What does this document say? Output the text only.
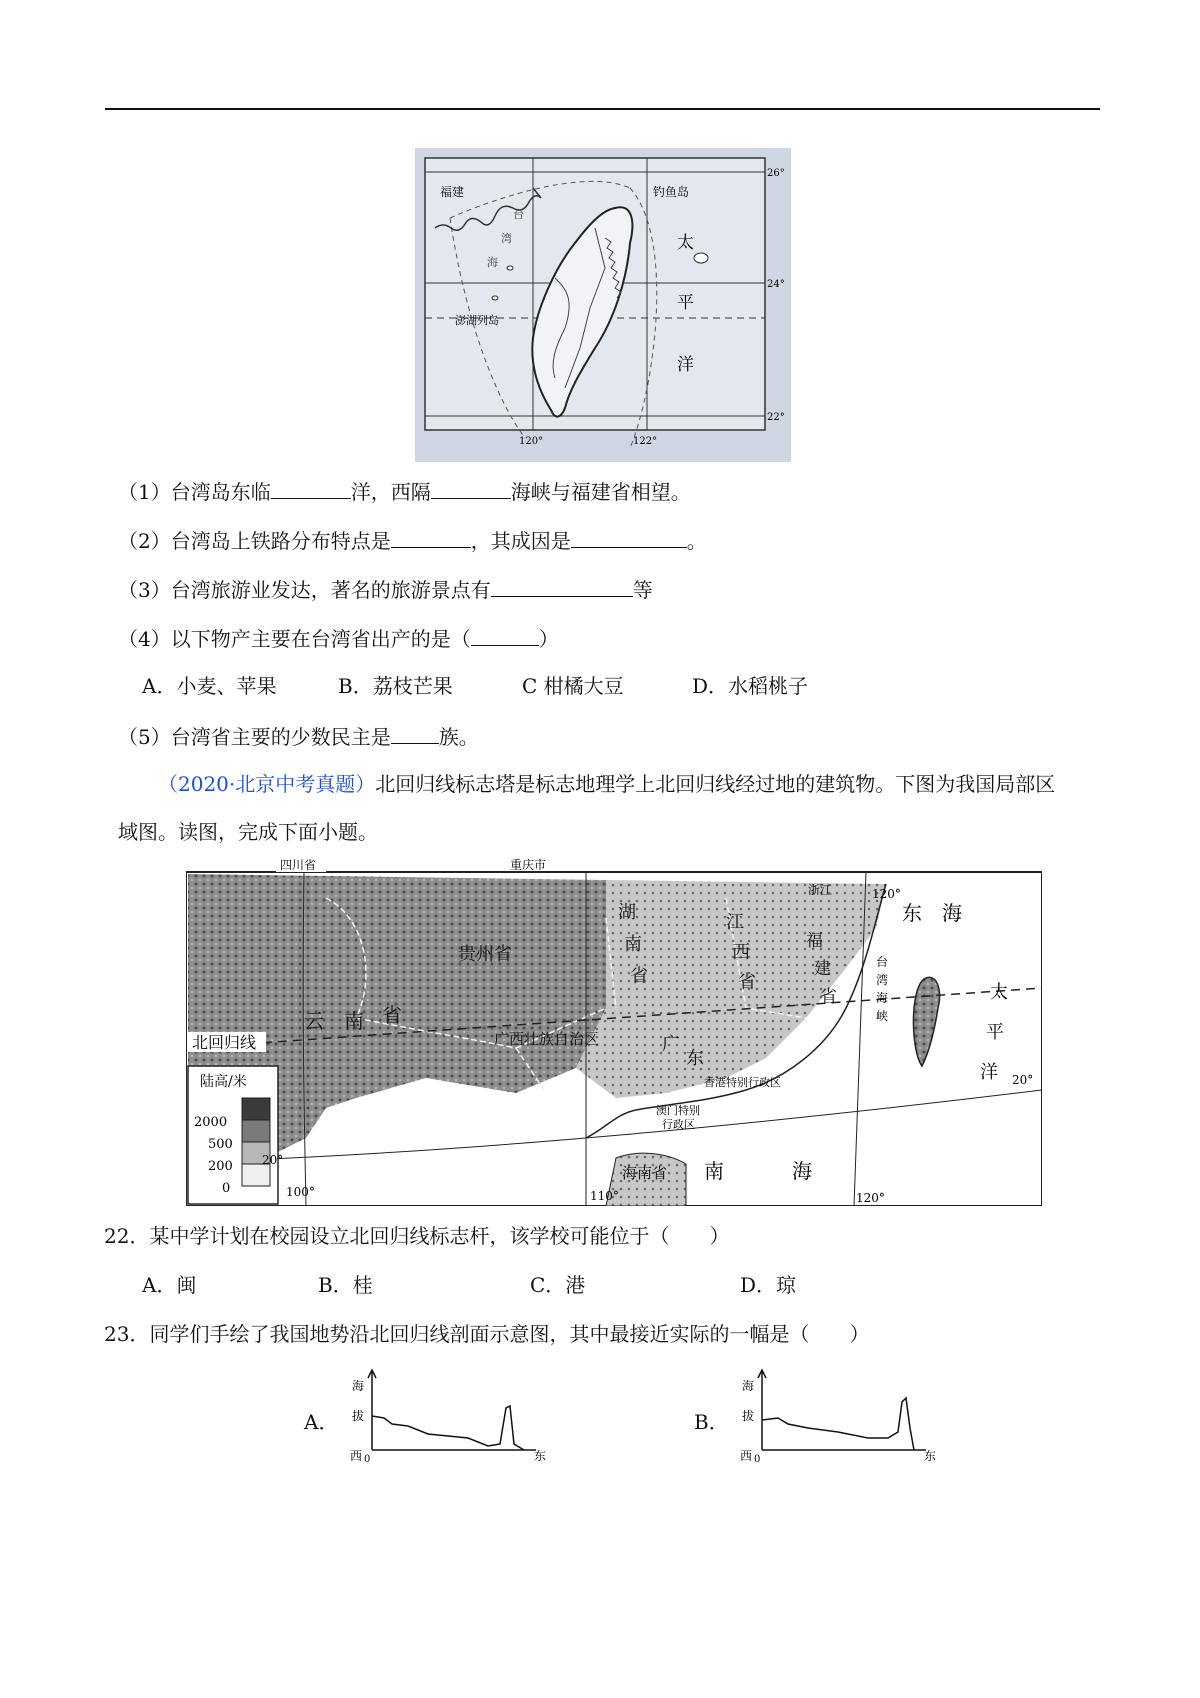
福建	钓鱼岛
澎湖列岛
台
湾
海
太
平
洋
26°
24°
22°
120°	122°
（1）台湾岛东临	洋，西隔	海峡与福建省相望。
（2）台湾岛上铁路分布特点是	，其成因是	。
（3）台湾旅游业发达，著名的旅游景点有	等
（4）以下物产主要在台湾省出产的是（	）
A．小麦、苹果	B．荔枝芒果	C 柑橘大豆	D．水稻桃子
（5）台湾省主要的少数民主是 族。
（2020·北京中考真题）北回归线标志塔是标志地理学上北回归线经过地的建筑物。下图为我国局部区
域图。读图，完成下面小题。
陆高/米
2000
500
200
0
四川省	重庆市
贵州省
云 南 省
广西壮族自治区
湖
南
省
江
西
省
福
建
省
广
东
浙江
东　海
太
平
洋
台
湾
海
峡
北回归线
香港特别行政区
澳门特别
行政区
海南省 南	海
20°
20°
100°	110°	120°
120°
22．某中学计划在校园设立北回归线标志杆，该学校可能位于（　　）
A．闽	B．桂	C．港	D．琼
23．同学们手绘了我国地势沿北回归线剖面示意图，其中最接近实际的一幅是（　　）
A．
海
拔
西 0	东
B．
海
拔
西 0	东
